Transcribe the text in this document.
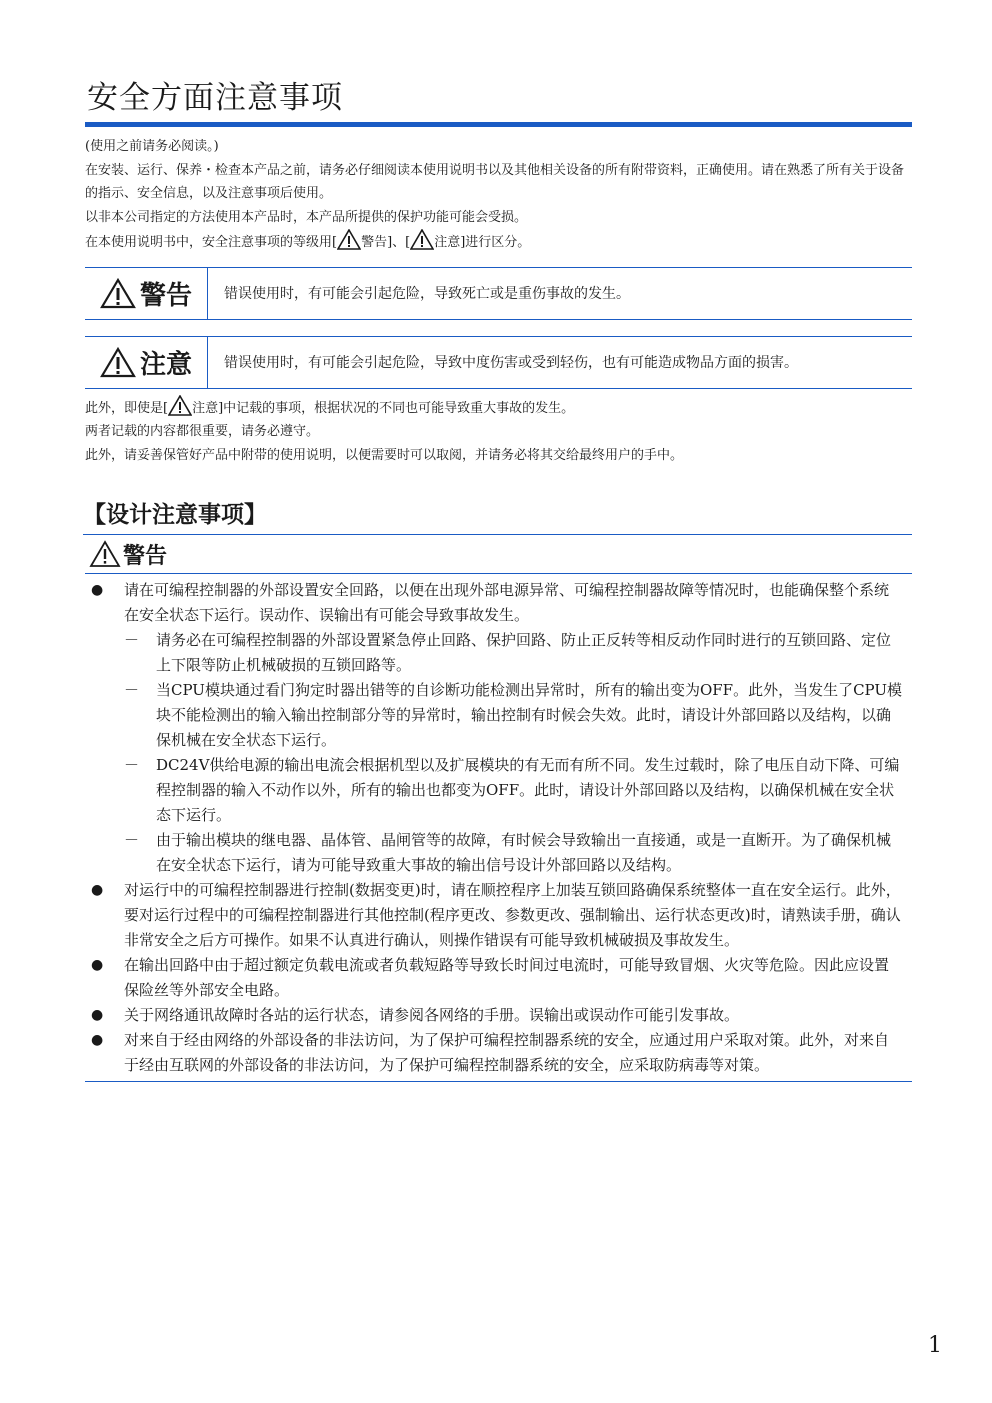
安全方面注意事项

(使用之前请务必阅读。)

在安装、运行、保养・检查本产品之前，请务必仔细阅读本使用说明书以及其他相关设备的所有附带资料，正确使用。请在熟悉了所有关于设备的指示、安全信息，以及注意事项后使用。

以非本公司指定的方法使用本产品时，本产品所提供的保护功能可能会受损。

在本使用说明书中，安全注意事项的等级用[ 警告]、[ 注意]进行区分。

警告	错误使用时，有可能会引起危险，导致死亡或是重伤事故的发生。
注意	错误使用时，有可能会引起危险，导致中度伤害或受到轻伤，也有可能造成物品方面的损害。

此外，即使是[ 注意]中记载的事项，根据状况的不同也可能导致重大事故的发生。

两者记载的内容都很重要，请务必遵守。

此外，请妥善保管好产品中附带的使用说明，以便需要时可以取阅，并请务必将其交给最终用户的手中。

【设计注意事项】
警告
●	请在可编程控制器的外部设置安全回路，以便在出现外部电源异常、可编程控制器故障等情况时，也能确保整个系统在安全状态下运行。误动作、误输出有可能会导致事故发生。
－	请务必在可编程控制器的外部设置紧急停止回路、保护回路、防止正反转等相反动作同时进行的互锁回路、定位上下限等防止机械破损的互锁回路等。
－	当CPU模块通过看门狗定时器出错等的自诊断功能检测出异常时，所有的输出变为OFF。此外，当发生了CPU模块不能检测出的输入输出控制部分等的异常时，输出控制有时候会失效。此时，请设计外部回路以及结构，以确保机械在安全状态下运行。
－	DC24V供给电源的输出电流会根据机型以及扩展模块的有无而有所不同。发生过载时，除了电压自动下降、可编程控制器的输入不动作以外，所有的输出也都变为OFF。此时，请设计外部回路以及结构，以确保机械在安全状态下运行。
－	由于输出模块的继电器、晶体管、晶闸管等的故障，有时候会导致输出一直接通，或是一直断开。为了确保机械在安全状态下运行，请为可能导致重大事故的输出信号设计外部回路以及结构。
●	对运行中的可编程控制器进行控制(数据变更)时，请在顺控程序上加装互锁回路确保系统整体一直在安全运行。此外，要对运行过程中的可编程控制器进行其他控制(程序更改、参数更改、强制输出、运行状态更改)时，请熟读手册，确认非常安全之后方可操作。如果不认真进行确认，则操作错误有可能导致机械破损及事故发生。
●	在输出回路中由于超过额定负载电流或者负载短路等导致长时间过电流时，可能导致冒烟、火灾等危险。因此应设置保险丝等外部安全电路。
●	关于网络通讯故障时各站的运行状态，请参阅各网络的手册。误输出或误动作可能引发事故。
●	对来自于经由网络的外部设备的非法访问，为了保护可编程控制器系统的安全，应通过用户采取对策。此外，对来自于经由互联网的外部设备的非法访问，为了保护可编程控制器系统的安全，应采取防病毒等对策。
1
